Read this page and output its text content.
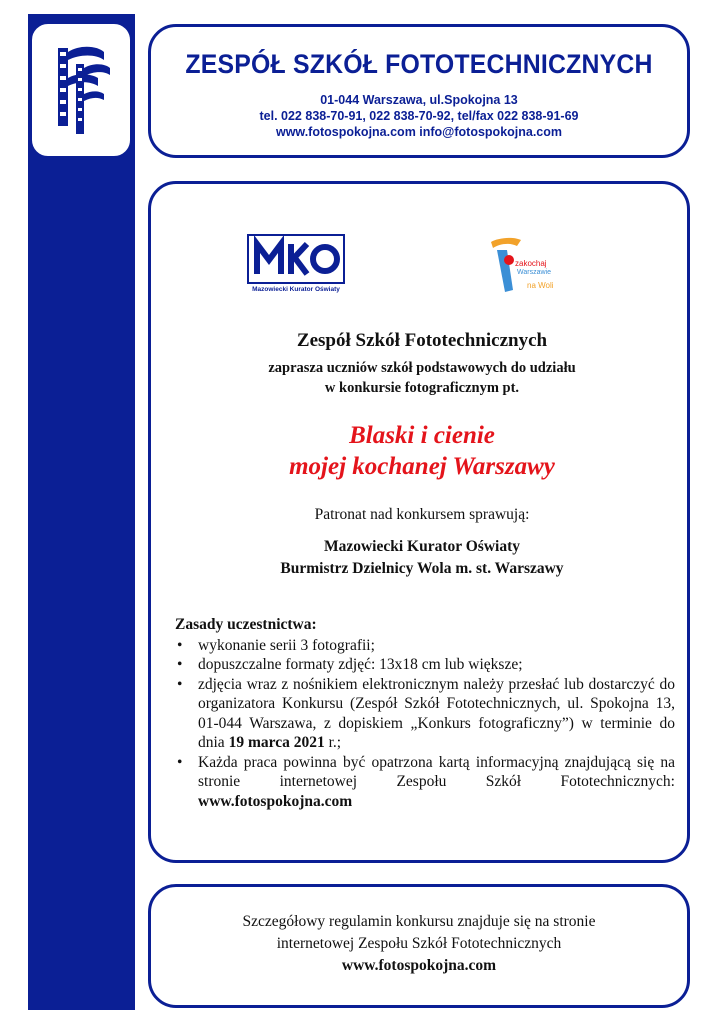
ZESPÓŁ SZKÓŁ FOTOTECHNICZNYCH
01-044 Warszawa, ul.Spokojna 13
tel. 022 838-70-91, 022 838-70-92, tel/fax 022 838-91-69
www.fotospokojna.com info@fotospokojna.com
Mazowiecki Kurator Oświaty
zakochaj
Warszawie
na Woli
Zespół Szkół Fototechnicznych
zaprasza uczniów szkół podstawowych do udziału
w konkursie fotograficznym pt.
Blaski i cienie
mojej kochanej Warszawy
Patronat nad konkursem sprawują:
Mazowiecki Kurator Oświaty
Burmistrz Dzielnicy Wola m. st. Warszawy
Zasady uczestnictwa:
• wykonanie serii 3 fotografii;
• dopuszczalne formaty zdjęć: 13x18 cm lub większe;
• zdjęcia wraz z nośnikiem elektronicznym należy przesłać lub dostarczyć do organizatora Konkursu (Zespół Szkół Fototechnicznych, ul. Spokojna 13, 01-044 Warszawa, z dopiskiem „Konkurs fotograficzny”) w terminie do dnia 19 marca 2021 r.;
• Każda praca powinna być opatrzona kartą informacyjną znajdującą się na stronie internetowej Zespołu Szkół Fototechnicznych: www.fotospokojna.com
Szczegółowy regulamin konkursu znajduje się na stronie
internetowej Zespołu Szkół Fototechnicznych
www.fotospokojna.com
